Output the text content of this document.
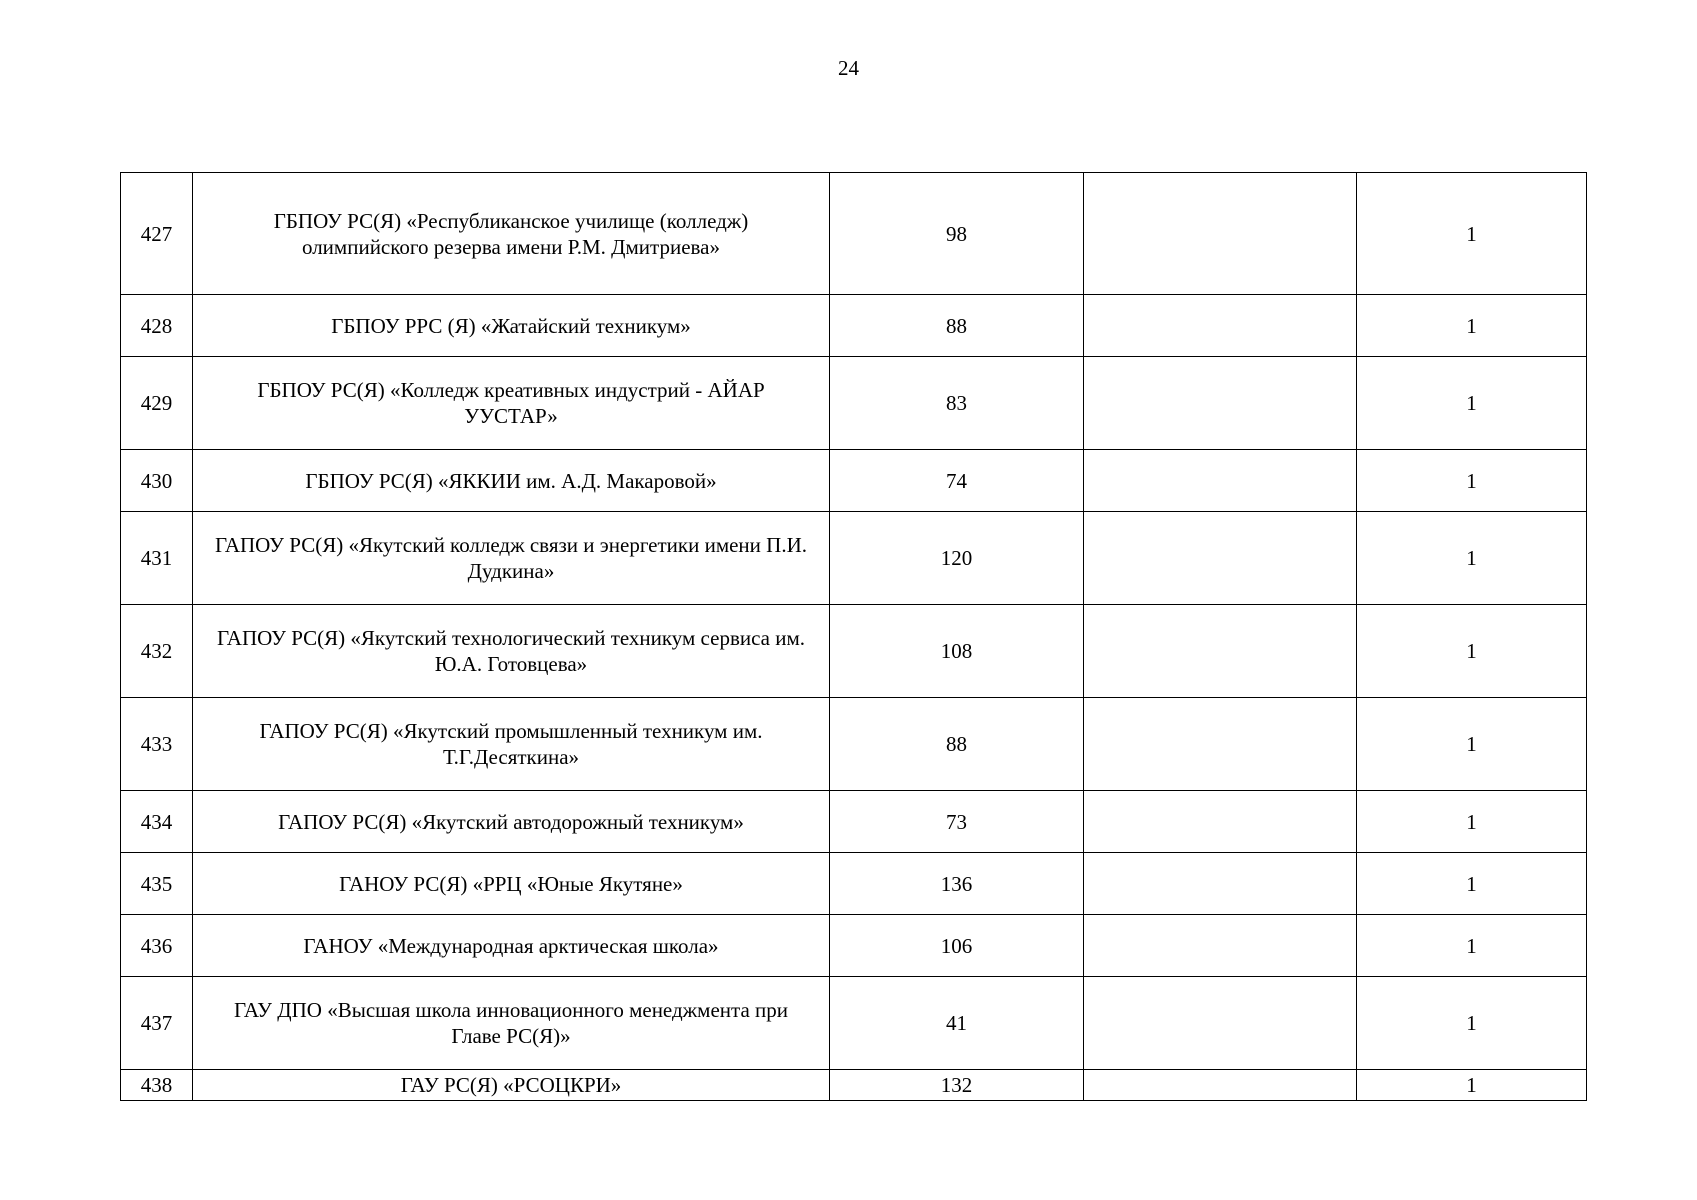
24
427	ГБПОУ РС(Я) «Республиканское училище (колледж) олимпийского резерва имени Р.М. Дмитриева»	98		1
428	ГБПОУ РРС (Я) «Жатайский техникум»	88		1
429	ГБПОУ РС(Я) «Колледж креативных индустрий - АЙАР УУСТАР»	83		1
430	ГБПОУ РС(Я) «ЯККИИ им. А.Д. Макаровой»	74		1
431	ГАПОУ РС(Я) «Якутский колледж связи и энергетики имени П.И. Дудкина»	120		1
432	ГАПОУ РС(Я) «Якутский технологический техникум сервиса им. Ю.А. Готовцева»	108		1
433	ГАПОУ РС(Я) «Якутский промышленный техникум им. Т.Г.Десяткина»	88		1
434	ГАПОУ РС(Я) «Якутский автодорожный техникум»	73		1
435	ГАНОУ РС(Я) «РРЦ «Юные Якутяне»	136		1
436	ГАНОУ «Международная арктическая школа»	106		1
437	ГАУ ДПО «Высшая школа инновационного менеджмента при Главе РС(Я)»	41		1
438	ГАУ РС(Я) «РСОЦКРИ»	132		1
